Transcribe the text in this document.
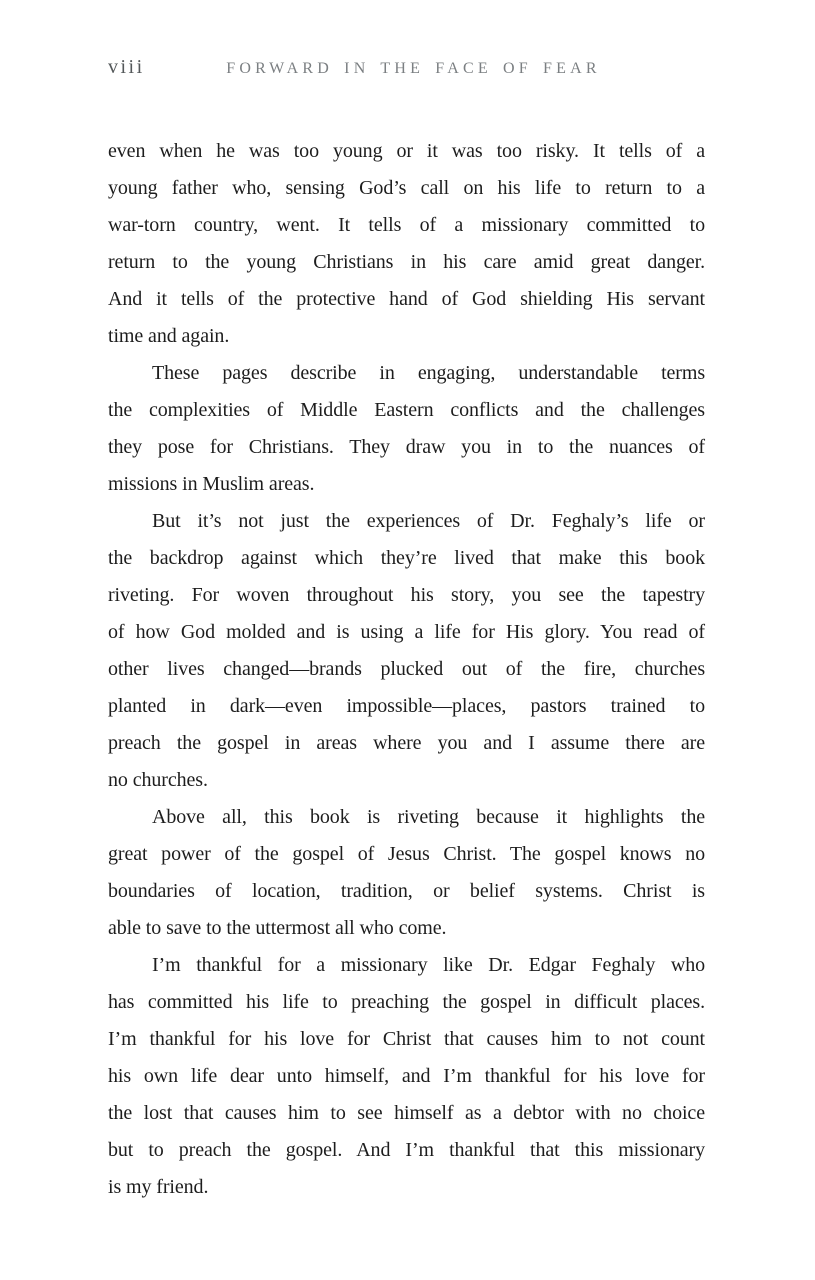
viii	FORWARD IN THE FACE OF FEAR
even when he was too young or it was too risky. It tells of a
young father who, sensing God’s call on his life to return to a
war-torn country, went. It tells of a missionary committed to
return to the young Christians in his care amid great danger.
And it tells of the protective hand of God shielding His servant
time and again.
These pages describe in engaging, understandable terms
the complexities of Middle Eastern conflicts and the challenges
they pose for Christians. They draw you in to the nuances of
missions in Muslim areas.
But it’s not just the experiences of Dr. Feghaly’s life or
the backdrop against which they’re lived that make this book
riveting. For woven throughout his story, you see the tapestry
of how God molded and is using a life for His glory. You read of
other lives changed—brands plucked out of the fire, churches
planted in dark—even impossible—places, pastors trained to
preach the gospel in areas where you and I assume there are
no churches.
Above all, this book is riveting because it highlights the
great power of the gospel of Jesus Christ. The gospel knows no
boundaries of location, tradition, or belief systems. Christ is
able to save to the uttermost all who come.
I’m thankful for a missionary like Dr. Edgar Feghaly who
has committed his life to preaching the gospel in difficult places.
I’m thankful for his love for Christ that causes him to not count
his own life dear unto himself, and I’m thankful for his love for
the lost that causes him to see himself as a debtor with no choice
but to preach the gospel. And I’m thankful that this missionary
is my friend.
